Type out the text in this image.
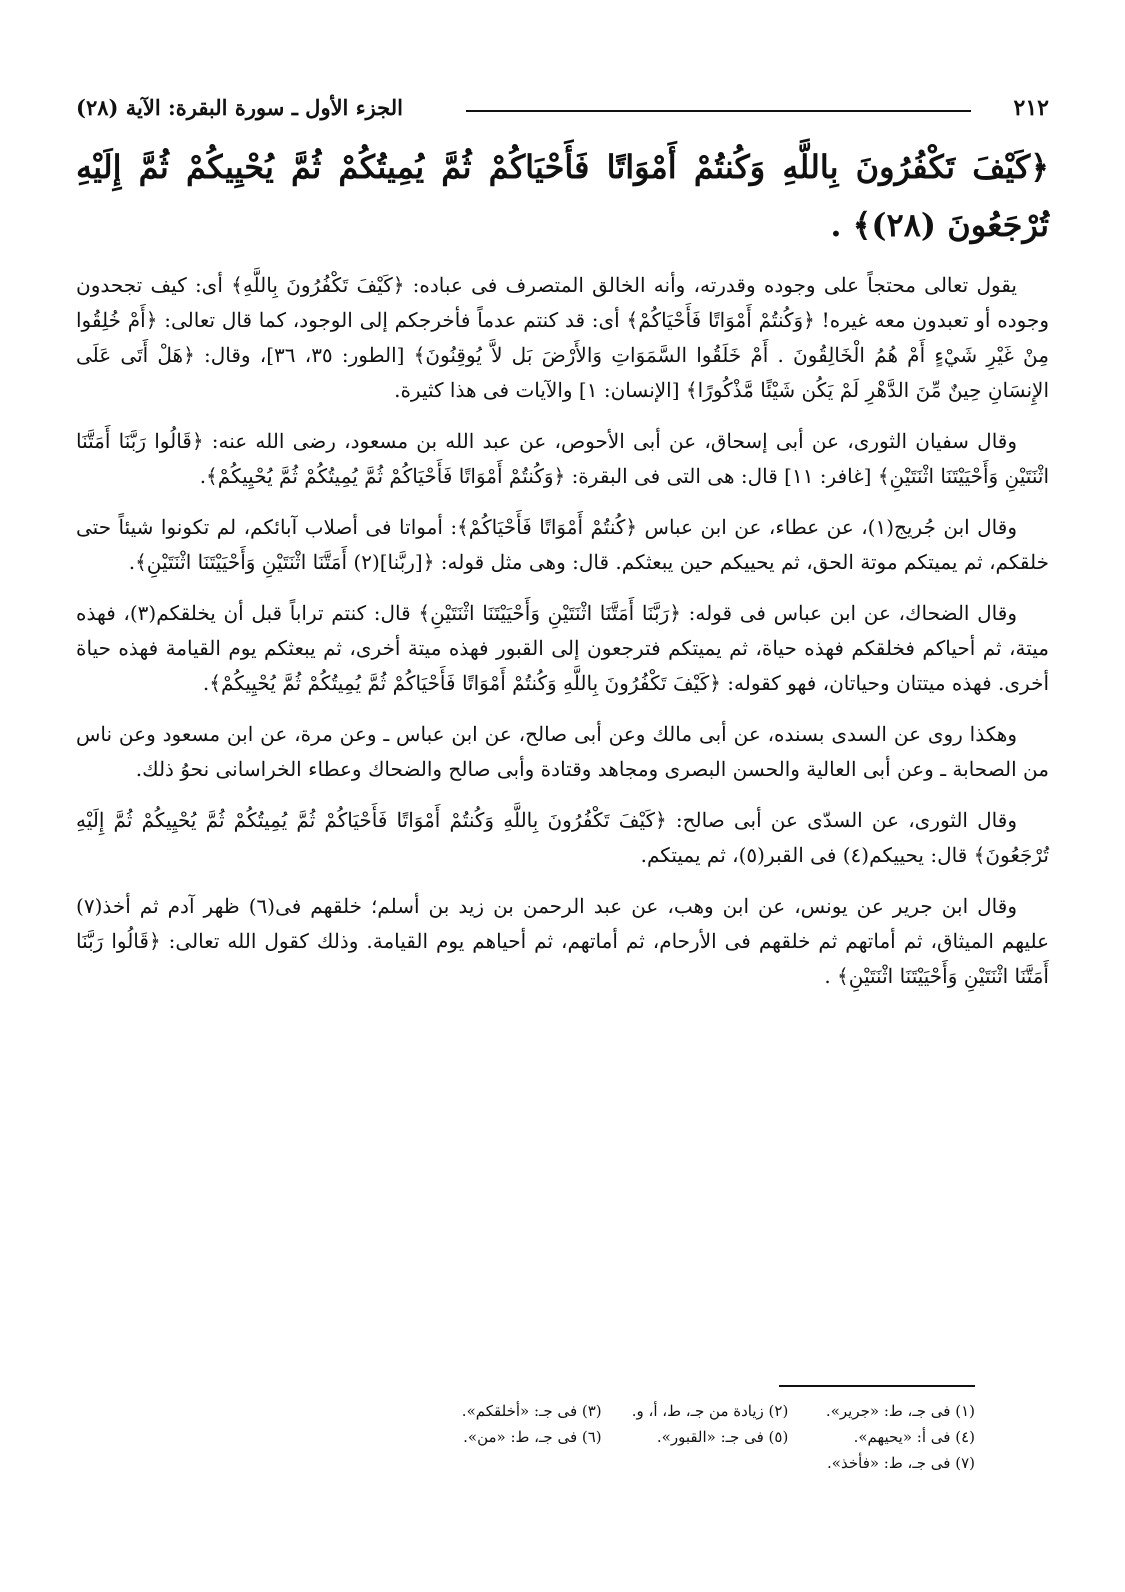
٢١٢
الجزء الأول ـ سورة البقرة: الآية (٢٨)
﴿كَيْفَ تَكْفُرُونَ بِاللَّهِ وَكُنتُمْ أَمْوَاتًا فَأَحْيَاكُمْ ثُمَّ يُمِيتُكُمْ ثُمَّ يُحْيِيكُمْ ثُمَّ إِلَيْهِ تُرْجَعُونَ (٢٨)﴾ .

يقول تعالى محتجاً على وجوده وقدرته، وأنه الخالق المتصرف فى عباده: ﴿كَيْفَ تَكْفُرُونَ بِاللَّهِ﴾ أى: كيف تجحدون وجوده أو تعبدون معه غيره! ﴿وَكُنتُمْ أَمْوَاتًا فَأَحْيَاكُمْ﴾ أى: قد كنتم عدماً فأخرجكم إلى الوجود، كما قال تعالى: ﴿أَمْ خُلِقُوا مِنْ غَيْرِ شَيْءٍ أَمْ هُمُ الْخَالِقُونَ . أَمْ خَلَقُوا السَّمَوَاتِ وَالأَرْضَ بَل لاَّ يُوقِنُونَ﴾ [الطور: ٣٥، ٣٦]، وقال: ﴿هَلْ أَتَى عَلَى الإِنسَانِ حِينٌ مِّنَ الدَّهْرِ لَمْ يَكُن شَيْئًا مَّذْكُورًا﴾ [الإنسان: ١] والآيات فى هذا كثيرة.

وقال سفيان الثورى، عن أبى إسحاق، عن أبى الأحوص، عن عبد الله بن مسعود، رضى الله عنه: ﴿قَالُوا رَبَّنَا أَمَتَّنَا اثْنَتَيْنِ وَأَحْيَيْتَنَا اثْنَتَيْنِ﴾ [غافر: ١١] قال: هى التى فى البقرة: ﴿وَكُنتُمْ أَمْوَاتًا فَأَحْيَاكُمْ ثُمَّ يُمِيتُكُمْ ثُمَّ يُحْيِيكُمْ﴾.

وقال ابن جُريج(١)، عن عطاء، عن ابن عباس ﴿كُنتُمْ أَمْوَاتًا فَأَحْيَاكُمْ﴾: أمواتا فى أصلاب آبائكم، لم تكونوا شيئاً حتى خلقكم، ثم يميتكم موتة الحق، ثم يحييكم حين يبعثكم. قال: وهى مثل قوله: ﴿[ربَّنا](٢) أَمَتَّنَا اثْنَتَيْنِ وَأَحْيَيْتَنَا اثْنَتَيْنِ﴾.

وقال الضحاك، عن ابن عباس فى قوله: ﴿رَبَّنَا أَمَتَّنَا اثْنَتَيْنِ وَأَحْيَيْتَنَا اثْنَتَيْنِ﴾ قال: كنتم تراباً قبل أن يخلقكم(٣)، فهذه ميتة، ثم أحياكم فخلقكم فهذه حياة، ثم يميتكم فترجعون إلى القبور فهذه ميتة أخرى، ثم يبعثكم يوم القيامة فهذه حياة أخرى. فهذه ميتتان وحياتان، فهو كقوله: ﴿كَيْفَ تَكْفُرُونَ بِاللَّهِ وَكُنتُمْ أَمْوَاتًا فَأَحْيَاكُمْ ثُمَّ يُمِيتُكُمْ ثُمَّ يُحْيِيكُمْ﴾.

وهكذا روى عن السدى بسنده، عن أبى مالك وعن أبى صالح، عن ابن عباس ـ وعن مرة، عن ابن مسعود وعن ناس من الصحابة ـ وعن أبى العالية والحسن البصرى ومجاهد وقتادة وأبى صالح والضحاك وعطاء الخراسانى نحوُ ذلك.

وقال الثورى، عن السدّى عن أبى صالح: ﴿كَيْفَ تَكْفُرُونَ بِاللَّهِ وَكُنتُمْ أَمْوَاتًا فَأَحْيَاكُمْ ثُمَّ يُمِيتُكُمْ ثُمَّ يُحْيِيكُمْ ثُمَّ إِلَيْهِ تُرْجَعُونَ﴾ قال: يحييكم(٤) فى القبر(٥)، ثم يميتكم.

وقال ابن جرير عن يونس، عن ابن وهب، عن عبد الرحمن بن زيد بن أسلم؛ خلقهم فى(٦) ظهر آدم ثم أخذ(٧) عليهم الميثاق، ثم أماتهم ثم خلقهم فى الأرحام، ثم أماتهم، ثم أحياهم يوم القيامة. وذلك كقول الله تعالى: ﴿قَالُوا رَبَّنَا أَمَتَّنَا اثْنَتَيْنِ وَأَحْيَيْتَنَا اثْنَتَيْنِ﴾ .

(١) فى جـ، ط: «جرير».
(٢) زيادة من جـ، ط، أ، و.
(٣) فى جـ: «أخلقكم».
(٤) فى أ: «يحيهم».
(٥) فى جـ: «القبور».
(٦) فى جـ، ط: «من».
(٧) فى جـ، ط: «فأخذ».
